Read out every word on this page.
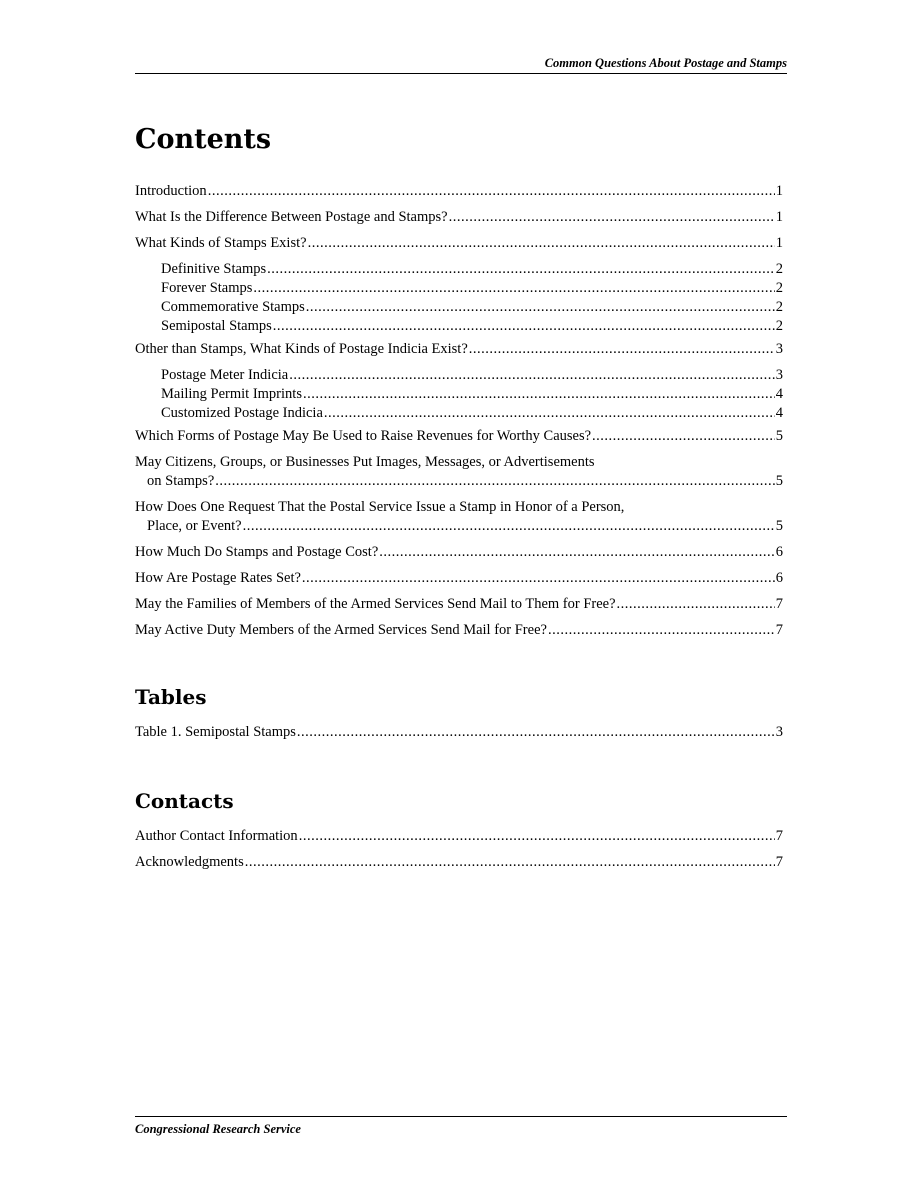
Common Questions About Postage and Stamps
Contents
Introduction .....	1
What Is the Difference Between Postage and Stamps? .....	1
What Kinds of Stamps Exist? .....	1
Definitive Stamps .....	2
Forever Stamps .....	2
Commemorative Stamps .....	2
Semipostal Stamps .....	2
Other than Stamps, What Kinds of Postage Indicia Exist? .....	3
Postage Meter Indicia .....	3
Mailing Permit Imprints .....	4
Customized Postage Indicia .....	4
Which Forms of Postage May Be Used to Raise Revenues for Worthy Causes? .....	5
May Citizens, Groups, or Businesses Put Images, Messages, or Advertisements
on Stamps? .....	5
How Does One Request That the Postal Service Issue a Stamp in Honor of a Person,
Place, or Event? .....	5
How Much Do Stamps and Postage Cost? .....	6
How Are Postage Rates Set? .....	6
May the Families of Members of the Armed Services Send Mail to Them for Free? .....	7
May Active Duty Members of the Armed Services Send Mail for Free? .....	7
Tables
Table 1. Semipostal Stamps .....	3
Contacts
Author Contact Information .....	7
Acknowledgments .....	7
Congressional Research Service
